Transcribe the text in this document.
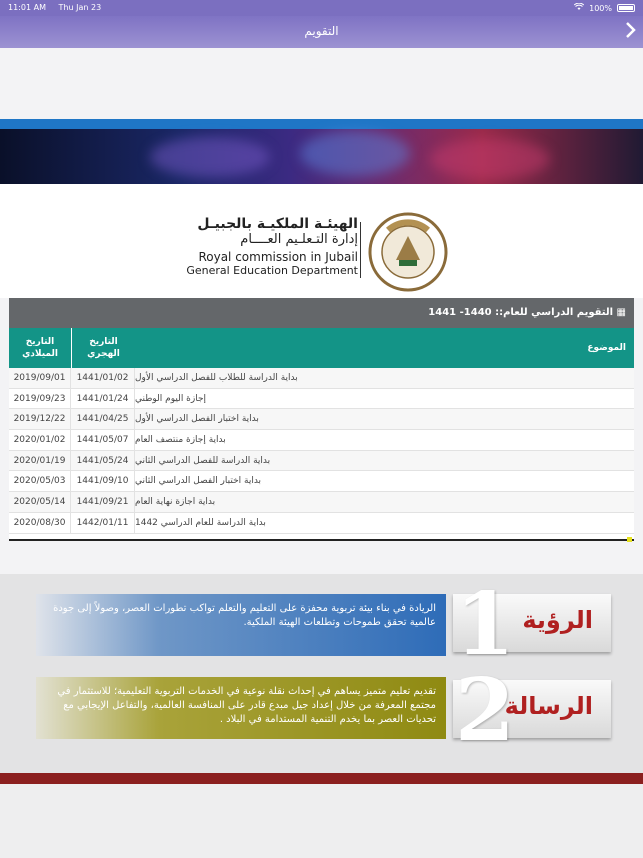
11:01 AM Thu Jan 23	100%
التقويم
الهيئـة الملكيـة بالجبيـل
إدارة التـعلـيم العــــام
Royal commission in Jubail
General Education Department
▦ التقويم الدراسي للعام:: 1440- 1441
التاريخ الميلادي
التاريخ الهجري
الموضوع
2019/09/01	1441/01/02 بداية الدراسة للطلاب للفصل الدراسي الأول
2019/09/23	1441/01/24 إجازة اليوم الوطني
2019/12/22	1441/04/25 بداية اختبار الفصل الدراسي الأول
2020/01/02	1441/05/07 بداية إجازة منتصف العام
2020/01/19	1441/05/24 بداية الدراسة للفصل الدراسي الثاني
2020/05/03	1441/09/10 بداية اختبار الفصل الدراسي الثاني
2020/05/14	1441/09/21 بداية اجازة نهاية العام
2020/08/30	1442/01/11 بداية الدراسة للعام الدراسي 1442
الريادة في بناء بيئة تربوية محفزة على التعليم والتعلم تواكب تطورات العصر، وصولاً إلى جودة عالمية تحقق طموحات وتطلعات الهيئة الملكية. 1 الرؤية
تقديم تعليم متميز يساهم في إحداث نقلة نوعية في الخدمات التربوية التعليمية؛ للاستثمار في مجتمع المعرفة من خلال إعداد جيل مبدع قادر على المنافسة العالمية، والتفاعل الإيجابي مع تحديات العصر بما يخدم التنمية المستدامة في البلاد . 2
الرسالة
